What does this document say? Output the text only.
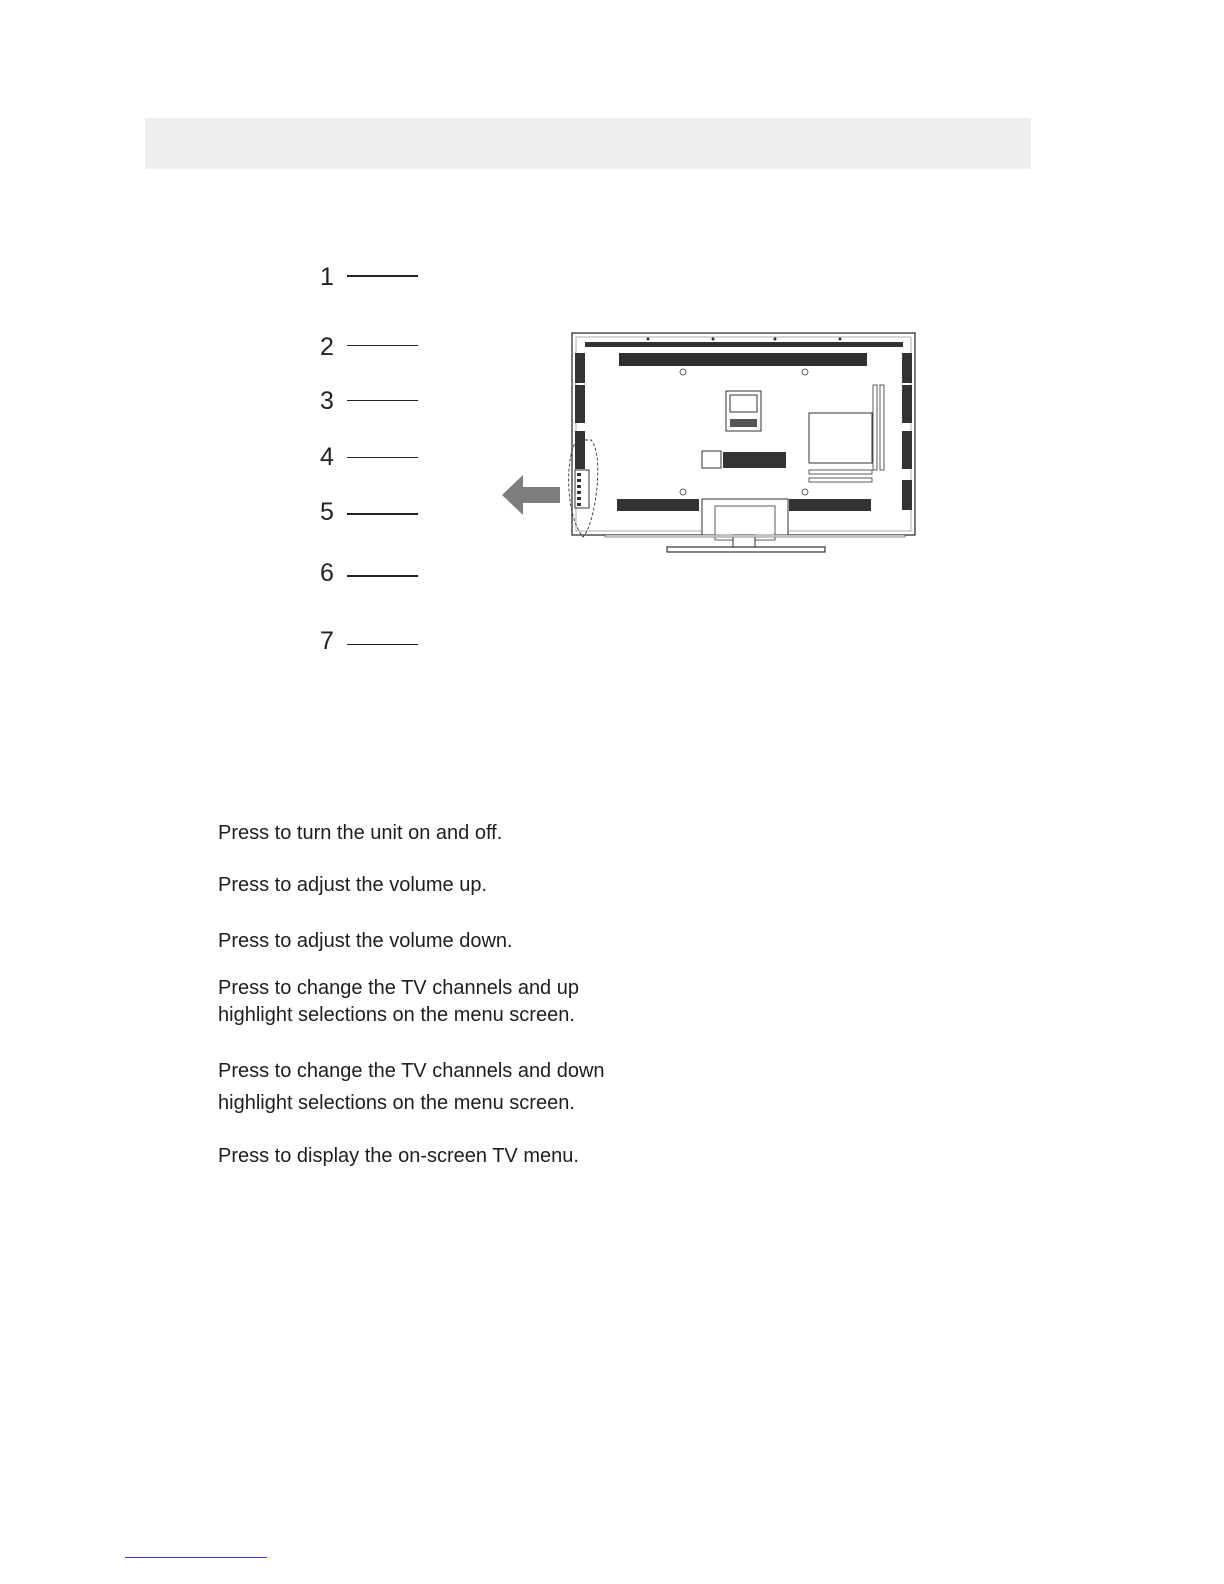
1
2
3
4
5
6
7
Press to turn the unit on and off.
Press to adjust the volume up.
Press to adjust the volume down.
Press to change the TV channels and up
highlight selections on the menu screen.
Press to change the TV channels and down
highlight selections on the menu screen.
Press to display the on-screen TV menu.
